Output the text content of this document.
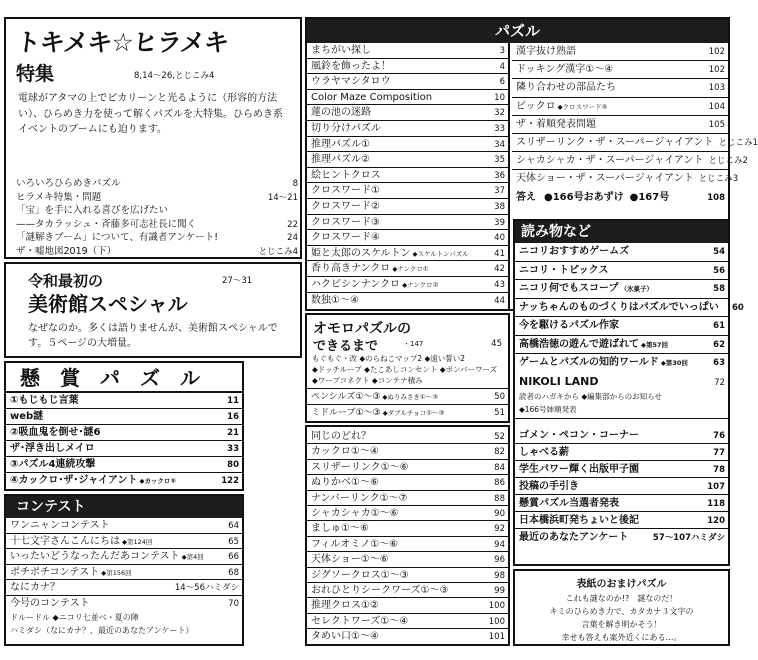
トキメキ☆ヒラメキ
特集	8,14〜26,とじこみ4
電球がアタマの上でピカリーンと光るように（形容的方法い）、ひらめき力を使って解くパズルを大特集。ひらめき系イベントのブームにも迫ります。
いろいろひらめきパズル	8
ヒラメキ特集・問題	14〜21
「宝」を手に入れる喜びを広げたい
——タカラッシュ・斉藤多可志社長に聞く	22
「謎解きブーム」について、有識者アンケート!	24
ザ・嘘地図2019（下）	とじこみ4
令和最初の	27〜31
美術館スペシャル
なぜなのか。多くは語りませんが、美術館スペシャルです。５ページの大増量。
懸　賞　パ　ズ　ル
①もじもじ言葉	11
web謎	16
②吸血鬼を倒せ･謎6	21
ザ･浮き出しメイロ	33
③パズル4連続攻撃	80
④カックロ･ザ･ジャイアント ◆カックロ⑤	122
コンテスト
ワンニャンコンテスト	64
十七文字さんこんにちは ◆第124回	65
いったいどうなったんだあコンテスト ◆第4回	66
ポチポチコンテスト ◆第156回	68
なにカナ？	14〜56ハミダシ
今号のコンテスト	70
ドルードル ◆ニコリ七並べ・夏の陣
ハミダシ（なにカナ？、最近のあなたアンケート）
パズル
まちがい探し	3
風鈴を飾ったよ！	4
ウラヤマシタロウ	6
Color Maze Composition	10
蓮の池の迷路	32
切り分けパズル	33
推理パズル①	34
推理パズル②	35
絵ヒントクロス	36
クロスワード①	37
クロスワード②	38
クロスワード③	39
クロスワード④	40
姫と太郎のスケルトン ◆スケルトンパズル	41
香り高きナンクロ ◆ナンクロ①	42
ハクビシンナンクロ ◆ナンクロ②	43
数独①〜④	44
漢字抜け熟語	102
ドッキング漢字①〜④	102
隣り合わせの部品たち	103
ビックロ ◆クロスワード⑤	104
ザ・着順発表問題	105
スリザーリンク・ザ・スーパージャイアント とじこみ1
シャカシャカ・ザ・スーパージャイアント とじこみ2
天体ショー・ザ・スーパージャイアント とじこみ3
答え ●166号おあずけ ●167号	108
オモロパズルの
できるまで	・147	45
もぐもぐ・改 ◆のらねこマップ2 ◆遠い誓い2
◆ドッチループ ◆たこあしコンセント ◆ボンバーワーズ
◆ワープコネクト ◆コンテナ積み
ペンシルズ①〜③ ◆ぬりみさき①〜③	50
ミドルーブ①〜③ ◆ダブルチョコ①〜③	51
同じのどれ？	52
カックロ①〜④	82
スリザーリンク①〜⑥	84
ぬりかべ①〜⑥	86
ナンバーリンク①〜⑦	88
シャカシャカ①〜⑥	90
ましゅ①〜⑥	92
フィルオミノ①〜⑥	94
天体ショー①〜⑥	96
ジグソークロス①〜③	98
おれひとりシークワーズ①〜③	99
推理クロス①②	100
セレクトワーズ①〜④	100
タめい口①〜④	101
読み物など
ニコリおすすめゲームズ	54
ニコリ・トピックス	56
ニコリ何でもスコープ （氷菓子）	58
ナッちゃんのものづくりはパズルでいっぱい	60
今を駆けるパズル作家	61
高橋浩徳の遊んで遊ばれて ◆第57回	62
ゲームとパズルの知的ワールド ◆第30回	63
NIKOLI LAND	72
読者のハガキから ◆編集部からのお知らせ
◆166号姉順発表
ゴメン・ペコン・コーナー	76
しゃべる薪	77
学生パワー輝く出版甲子園	78
投稿の手引き	107
懸賞パズル当選者発表	118
日本橋浜町発ちょいと後記	120
最近のあなたアンケート	57〜107ハミダシ
表紙のおまけパズル
これも謎なのか!?　謎なのだ！
キミのひらめき力で、カタカナ３文字の
言葉を解き明かそう！
幸せも答えも案外近くにある…。
